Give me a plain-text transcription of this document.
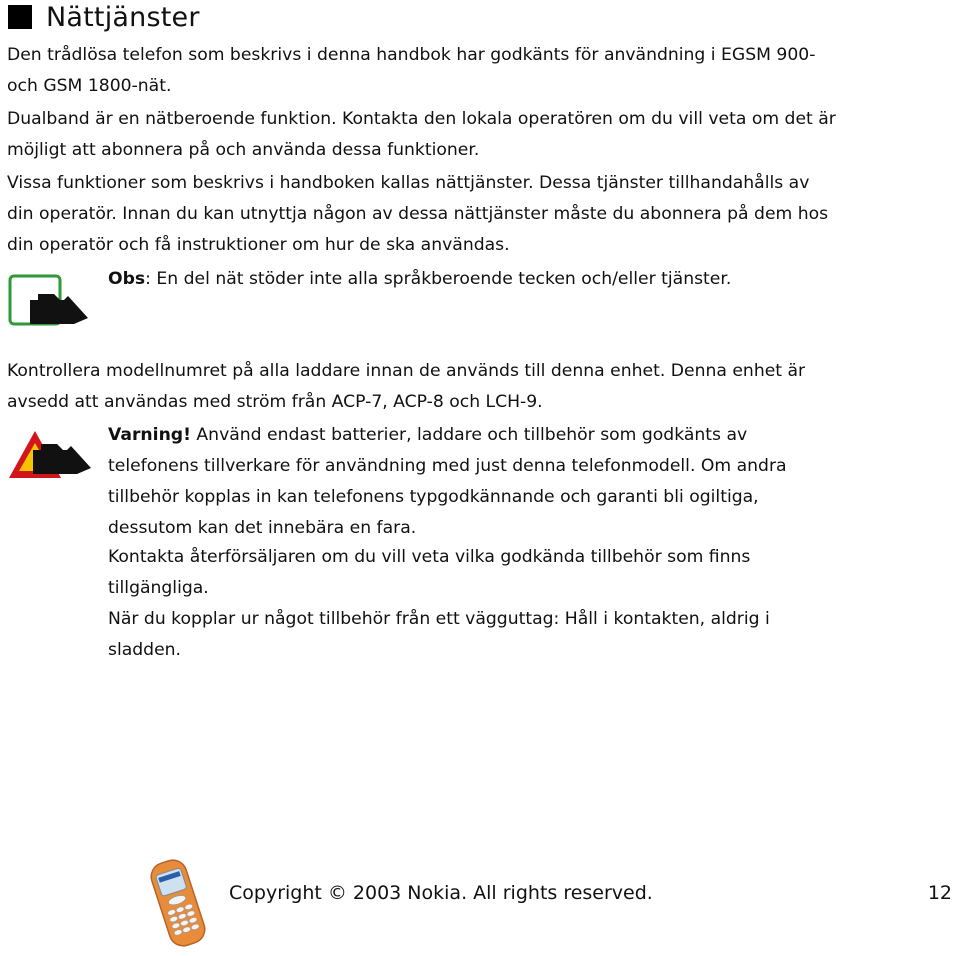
Nättjänster

Den trådlösa telefon som beskrivs i denna handbok har godkänts för användning i EGSM 900- och GSM 1800-nät.

Dualband är en nätberoende funktion. Kontakta den lokala operatören om du vill veta om det är möjligt att abonnera på och använda dessa funktioner.

Vissa funktioner som beskrivs i handboken kallas nättjänster. Dessa tjänster tillhandahålls av din operatör. Innan du kan utnyttja någon av dessa nättjänster måste du abonnera på dem hos din operatör och få instruktioner om hur de ska användas.

Obs: En del nät stöder inte alla språkberoende tecken och/eller tjänster.

Kontrollera modellnumret på alla laddare innan de används till denna enhet. Denna enhet är avsedd att användas med ström från ACP-7, ACP-8 och LCH-9.

Varning! Använd endast batterier, laddare och tillbehör som godkänts av telefonens tillverkare för användning med just denna telefonmodell. Om andra tillbehör kopplas in kan telefonens typgodkännande och garanti bli ogiltiga, dessutom kan det innebära en fara.

Kontakta återförsäljaren om du vill veta vilka godkända tillbehör som finns tillgängliga.

När du kopplar ur något tillbehör från ett vägguttag: Håll i kontakten, aldrig i sladden.

Copyright © 2003 Nokia. All rights reserved.	12
